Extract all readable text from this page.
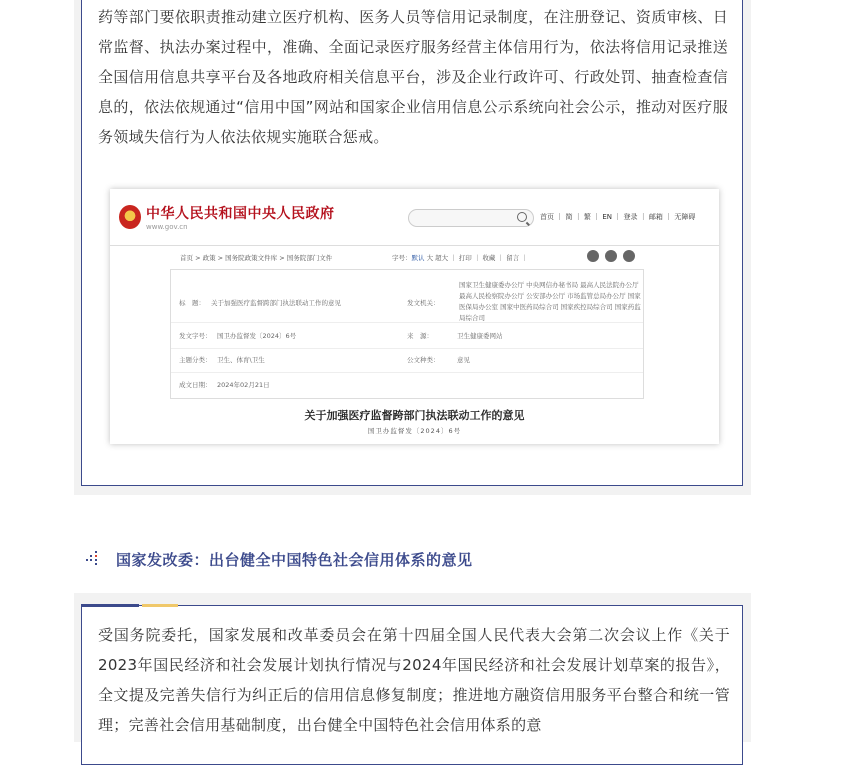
药等部门要依职责推动建立医疗机构、医务人员等信用记录制度，在注册登记、资质审核、日常监督、执法办案过程中，准确、全面记录医疗服务经营主体信用行为，依法将信用记录推送全国信用信息共享平台及各地政府相关信息平台，涉及企业行政许可、行政处罚、抽查检查信息的，依法依规通过“信用中国”网站和国家企业信用信息公示系统向社会公示，推动对医疗服务领域失信行为人依法依规实施联合惩戒。
中华人民共和国中央人民政府
www.gov.cn
首页 ｜ 简 ｜ 繁 ｜ EN ｜ 登录 ｜ 邮箱 ｜ 无障碍
首页 > 政策 > 国务院政策文件库 > 国务院部门文件	字号：默认 大 超大 ｜ 打印 ｜ 收藏 ｜ 留言 ｜
标　题： 关于加强医疗监督跨部门执法联动工作的意见	发文机关：
国家卫生健康委办公厅 中央网信办秘书局 最高人民法院办公厅
最高人民检察院办公厅 公安部办公厅 市场监管总局办公厅 国家
医保局办公室 国家中医药局综合司 国家疾控局综合司 国家药监
局综合司
发文字号： 国卫办监督发〔2024〕6号	来　源：	卫生健康委网站
主题分类： 卫生、体育\卫生	公文种类：	意见
成文日期： 2024年02月21日
关于加强医疗监督跨部门执法联动工作的意见
国卫办监督发〔2024〕6号
国家发改委：出台健全中国特色社会信用体系的意见
受国务院委托，国家发展和改革委员会在第十四届全国人民代表大会第二次会议上作《关于2023年国民经济和社会发展计划执行情况与2024年国民经济和社会发展计划草案的报告》，全文提及完善失信行为纠正后的信用信息修复制度；推进地方融资信用服务平台整合和统一管理；完善社会信用基础制度，出台健全中国特色社会信用体系的意
